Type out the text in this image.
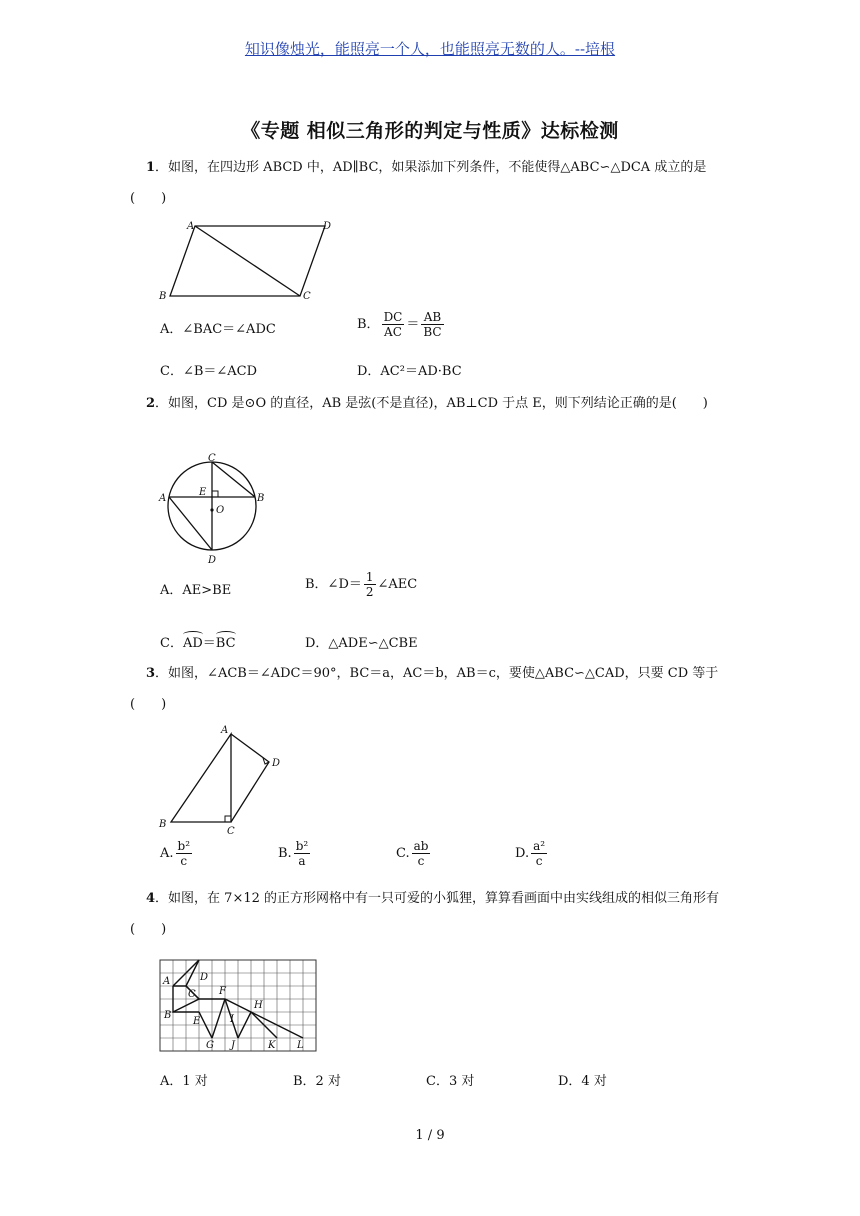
知识像烛光，能照亮一个人，也能照亮无数的人。--培根
《专题 相似三角形的判定与性质》达标检测
1．如图，在四边形 ABCD 中，AD∥BC，如果添加下列条件，不能使得△ABC∽△DCA 成立的是(　　)
A	D
B	C
A．∠BAC＝∠ADC	B． $\frac{DC}{AC} = \frac{AB}{BC}$
C．∠B＝∠ACD	D．AC²＝AD·BC
2．如图，CD 是⊙O 的直径，AB 是弦(不是直径)，AB⊥CD 于点 E，则下列结论正确的是(　　)
C
A
E
B
O
D
A．AE>BE	B．∠D＝ $\frac{1}{2}$ ∠AEC
C．AD＝BC	D．△ADE∽△CBE
3．如图，∠ACB＝∠ADC＝90°，BC＝a，AC＝b，AB＝c，要使△ABC∽△CAD，只要 CD 等于(　　)
A
D
B
C
A. $\frac{\text{b²}}{c}$	B. $\frac{\text{b²}}{a}$	C. $\frac{ab}{c}$	D. $\frac{\text{a²}}{c}$
4．如图，在 7×12 的正方形网格中有一只可爱的小狐狸，算算看画面中由实线组成的相似三角形有(　　)
A	D
C F
H
B
E	I
G J	K L
A．1 对	B．2 对	C．3 对	D．4 对
1 / 9
